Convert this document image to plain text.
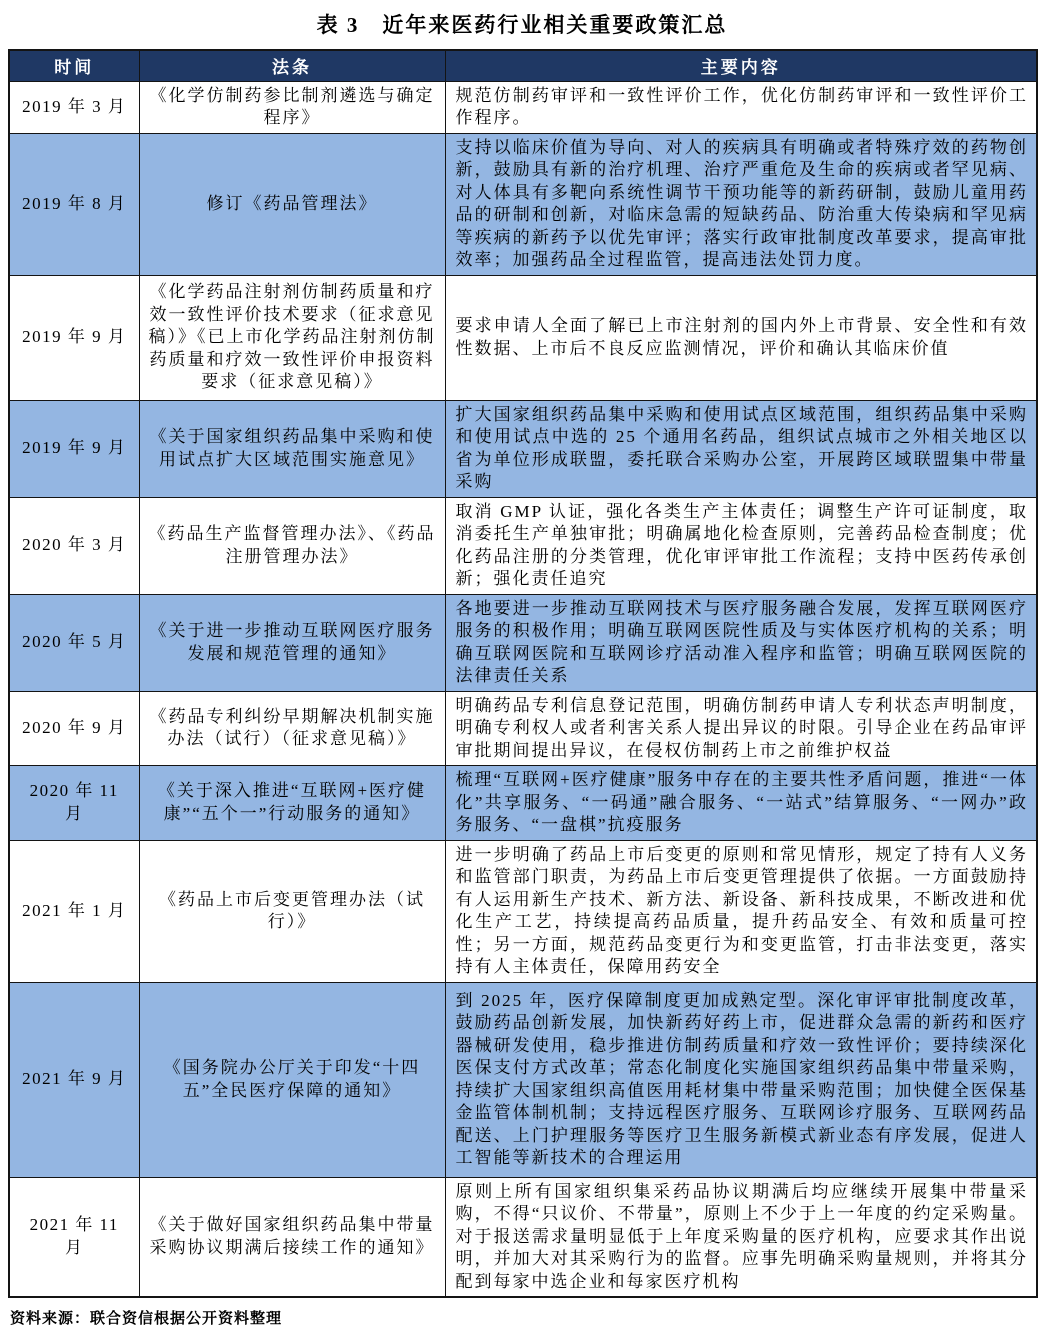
表 3　近年来医药行业相关重要政策汇总
时间	法条	主要内容
2019 年 3 月	《化学仿制药参比制剂遴选与确定程序》	规范仿制药审评和一致性评价工作，优化仿制药审评和一致性评价工作程序。
2019 年 8 月	修订《药品管理法》	支持以临床价值为导向、对人的疾病具有明确或者特殊疗效的药物创新，鼓励具有新的治疗机理、治疗严重危及生命的疾病或者罕见病、对人体具有多靶向系统性调节干预功能等的新药研制，鼓励儿童用药品的研制和创新，对临床急需的短缺药品、防治重大传染病和罕见病等疾病的新药予以优先审评；落实行政审批制度改革要求，提高审批效率；加强药品全过程监管，提高违法处罚力度。
2019 年 9 月	《化学药品注射剂仿制药质量和疗效一致性评价技术要求（征求意见稿）》《已上市化学药品注射剂仿制药质量和疗效一致性评价申报资料要求（征求意见稿）》	要求申请人全面了解已上市注射剂的国内外上市背景、安全性和有效性数据、上市后不良反应监测情况，评价和确认其临床价值
2019 年 9 月	《关于国家组织药品集中采购和使用试点扩大区域范围实施意见》	扩大国家组织药品集中采购和使用试点区域范围，组织药品集中采购和使用试点中选的 25 个通用名药品，组织试点城市之外相关地区以省为单位形成联盟，委托联合采购办公室，开展跨区域联盟集中带量采购
2020 年 3 月	《药品生产监督管理办法》、《药品注册管理办法》	取消 GMP 认证，强化各类生产主体责任；调整生产许可证制度，取消委托生产单独审批；明确属地化检查原则，完善药品检查制度；优化药品注册的分类管理，优化审评审批工作流程；支持中医药传承创新；强化责任追究
2020 年 5 月	《关于进一步推动互联网医疗服务发展和规范管理的通知》	各地要进一步推动互联网技术与医疗服务融合发展，发挥互联网医疗服务的积极作用；明确互联网医院性质及与实体医疗机构的关系；明确互联网医院和互联网诊疗活动准入程序和监管；明确互联网医院的法律责任关系
2020 年 9 月	《药品专利纠纷早期解决机制实施办法（试行）（征求意见稿）》	明确药品专利信息登记范围，明确仿制药申请人专利状态声明制度，明确专利权人或者利害关系人提出异议的时限。引导企业在药品审评审批期间提出异议，在侵权仿制药上市之前维护权益
2020 年 11 月	《关于深入推进“互联网+医疗健康”“五个一”行动服务的通知》	梳理“互联网+医疗健康”服务中存在的主要共性矛盾问题，推进“一体化”共享服务、“一码通”融合服务、“一站式”结算服务、“一网办”政务服务、“一盘棋”抗疫服务
2021 年 1 月	《药品上市后变更管理办法（试行）》	进一步明确了药品上市后变更的原则和常见情形，规定了持有人义务和监管部门职责，为药品上市后变更管理提供了依据。一方面鼓励持有人运用新生产技术、新方法、新设备、新科技成果，不断改进和优化生产工艺，持续提高药品质量，提升药品安全、有效和质量可控性；另一方面，规范药品变更行为和变更监管，打击非法变更，落实持有人主体责任，保障用药安全
2021 年 9 月	《国务院办公厅关于印发“十四五”全民医疗保障的通知》	到 2025 年，医疗保障制度更加成熟定型。深化审评审批制度改革，鼓励药品创新发展，加快新药好药上市，促进群众急需的新药和医疗器械研发使用，稳步推进仿制药质量和疗效一致性评价；要持续深化医保支付方式改革；常态化制度化实施国家组织药品集中带量采购，持续扩大国家组织高值医用耗材集中带量采购范围；加快健全医保基金监管体制机制；支持远程医疗服务、互联网诊疗服务、互联网药品配送、上门护理服务等医疗卫生服务新模式新业态有序发展，促进人工智能等新技术的合理运用
2021 年 11 月	《关于做好国家组织药品集中带量采购协议期满后接续工作的通知》	原则上所有国家组织集采药品协议期满后均应继续开展集中带量采购，不得“只议价、不带量”，原则上不少于上一年度的约定采购量。对于报送需求量明显低于上年度采购量的医疗机构，应要求其作出说明，并加大对其采购行为的监督。应事先明确采购量规则，并将其分配到每家中选企业和每家医疗机构
资料来源：联合资信根据公开资料整理
